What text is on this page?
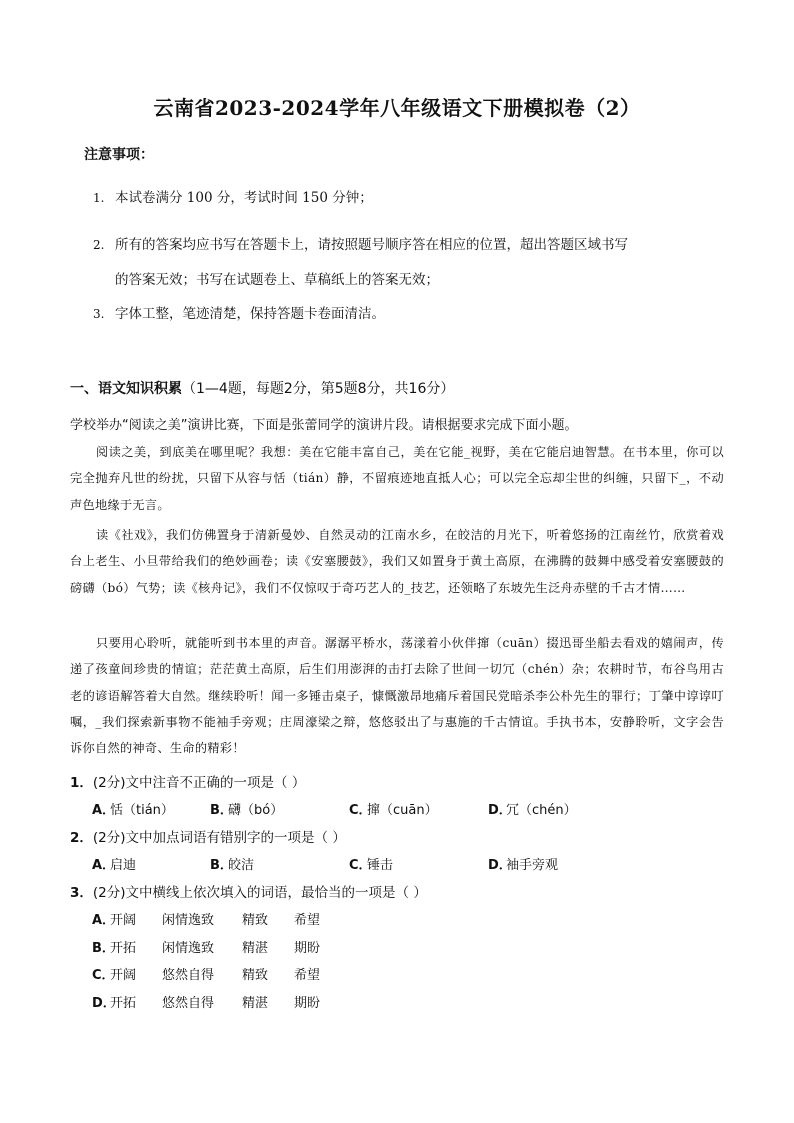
云南省2023-2024学年八年级语文下册模拟卷（2）
注意事项：
1. 本试卷满分 100 分，考试时间 150 分钟；
2. 所有的答案均应书写在答题卡上，请按照题号顺序答在相应的位置，超出答题区域书写
的答案无效；书写在试题卷上、草稿纸上的答案无效；
3. 字体工整，笔迹清楚，保持答题卡卷面清洁。
一、语文知识积累（1—4题，每题2分，第5题8分，共16分）
学校举办“阅读之美”演讲比赛，下面是张蕾同学的演讲片段。请根据要求完成下面小题。
阅读之美，到底美在哪里呢？我想：美在它能丰富自己，美在它能_视野，美在它能启迪智慧。在书本里，你可以完全抛弃凡世的纷扰，只留下从容与恬（tián）静，不留痕迹地直抵人心；可以完全忘却尘世的纠缠，只留下_，不动声色地缘于无言。
读《社戏》，我们仿佛置身于清新曼妙、自然灵动的江南水乡，在皎洁的月光下，听着悠扬的江南丝竹，欣赏着戏台上老生、小旦带给我们的绝妙画卷；读《安塞腰鼓》，我们又如置身于黄土高原，在沸腾的鼓舞中感受着安塞腰鼓的磅礴（bó）气势；读《核舟记》，我们不仅惊叹于奇巧艺人的_技艺，还领略了东坡先生泛舟赤壁的千古才情……
只要用心聆听，就能听到书本里的声音。潺潺平桥水，荡漾着小伙伴撺（cuān）掇迅哥坐船去看戏的嬉闹声，传递了孩童间珍贵的情谊；茫茫黄土高原，后生们用澎湃的击打去除了世间一切冗（chén）杂；农耕时节，布谷鸟用古老的谚语解答着大自然。继续聆听！闻一多锤击桌子，慷慨激昂地痛斥着国民党暗杀李公朴先生的罪行；丁肇中谆谆叮嘱，_我们探索新事物不能袖手旁观；庄周濠梁之辩，悠悠驳出了与惠施的千古情谊。手执书本，安静聆听，文字会告诉你自然的神奇、生命的精彩！
1．(2分)文中注音不正确的一项是（ ）
A．恬（tián）	B．礴（bó）	C．撺（cuān）	D．冗（chén）
2．(2分)文中加点词语有错别字的一项是（ ）
A．启迪	B．皎洁	C．锤击	D．袖手旁观
3．(2分)文中横线上依次填入的词语，最恰当的一项是（ ）
A．开阔 闲情逸致 精致 希望
B．开拓 闲情逸致 精湛 期盼
C．开阔 悠然自得 精致 希望
D．开拓 悠然自得 精湛 期盼
